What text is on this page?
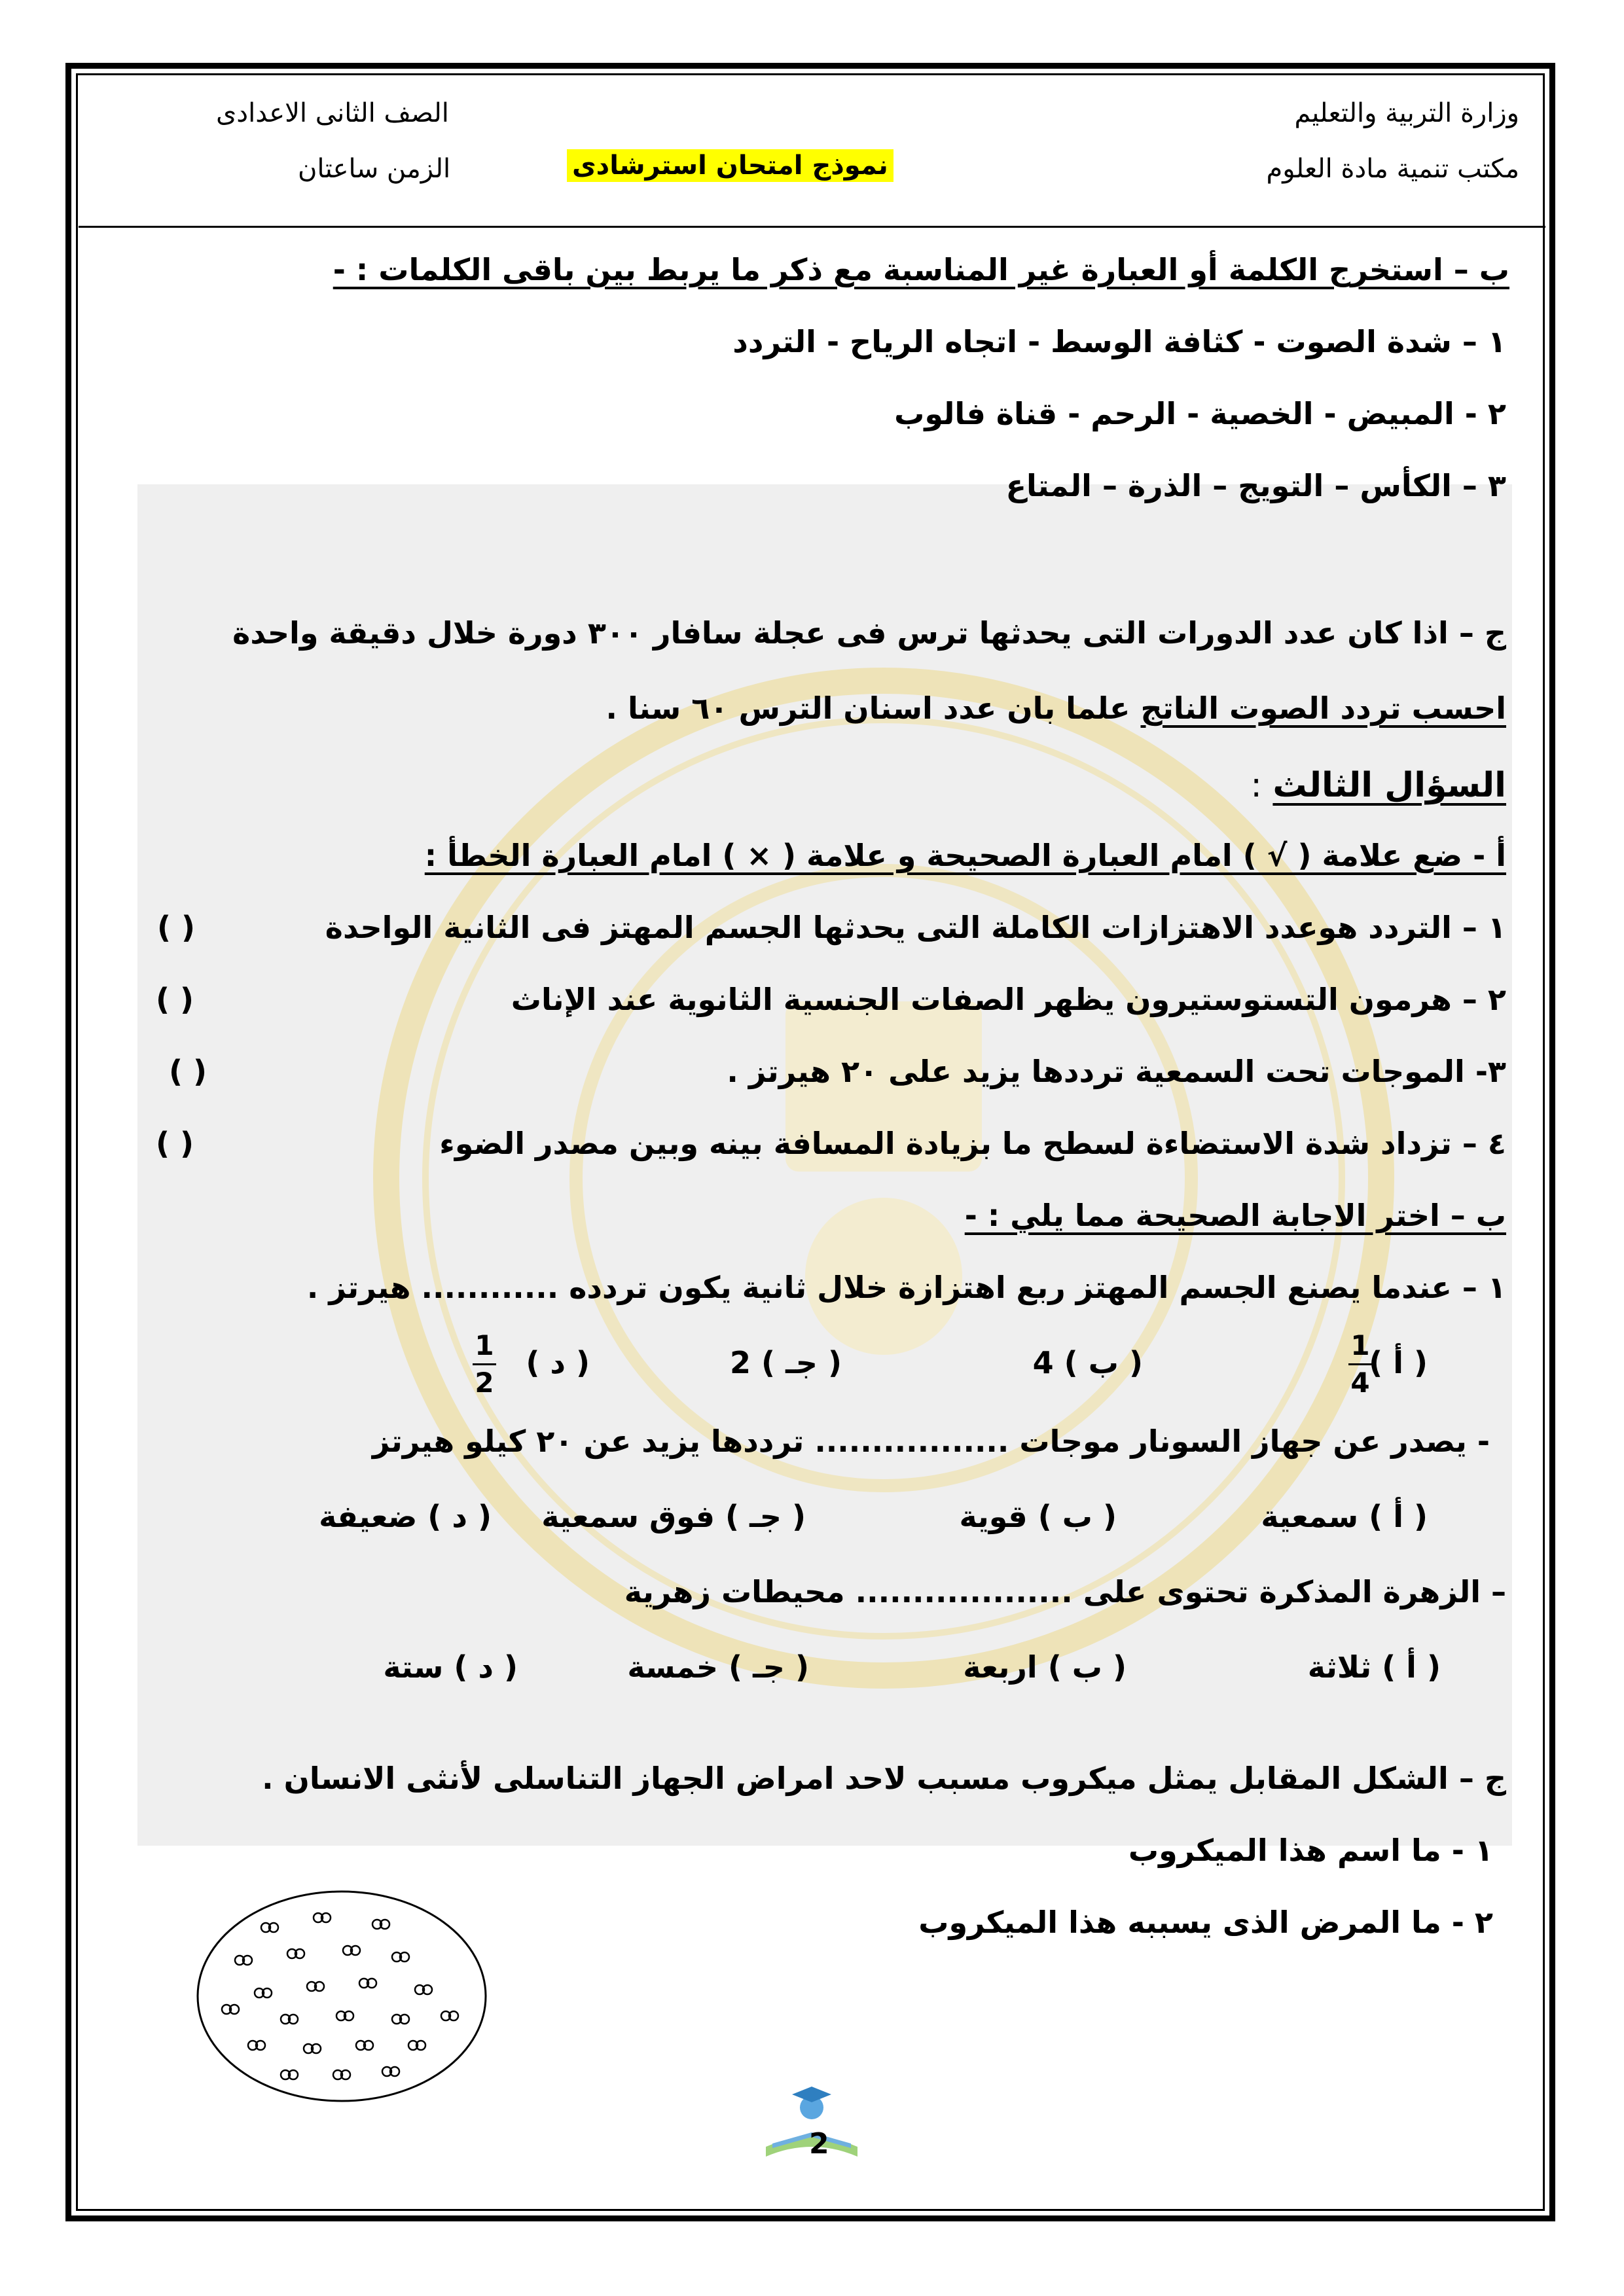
وزارة التربية والتعليم
مكتب تنمية مادة العلوم
الصف الثانى الاعدادى
الزمن ساعتان	نموذج امتحان استرشادى
ب – استخرج الكلمة أو العبارة غير المناسبة مع ذكر ما يربط بين باقى الكلمات : -
١ – شدة الصوت - كثافة الوسط - اتجاه الرياح - التردد
٢ - المبيض - الخصية - الرحم - قناة فالوب
٣ – الكأس – التويج – الذرة – المتاع
ج – اذا كان عدد الدورات التى يحدثها ترس فى عجلة سافار ٣٠٠ دورة خلال دقيقة واحدة
احسب تردد الصوت الناتج علما بان عدد اسنان الترس ٦٠ سنا .
السؤال الثالث :
أ - ضع علامة ( √ ) امام العبارة الصحيحة و علامة ( × ) امام العبارة الخطأ :
١ – التردد هوعدد الاهتزازات الكاملة التى يحدثها الجسم المهتز فى الثانية الواحدة
( )
٢ – هرمون التستوستيرون يظهر الصفات الجنسية الثانوية عند الإناث
( )
٣- الموجات تحت السمعية ترددها يزيد على ٢٠ هيرتز .
( )
٤ – تزداد شدة الاستضاءة لسطح ما بزيادة المسافة بينه وبين مصدر الضوء
( )
ب – اختر الاجابة الصحيحة مما يلي : -
١ – عندما يصنع الجسم المهتز ربع اهتزازة خلال ثانية يكون تردده ............ هيرتز .
( أ )
1
4
( ب ) 4
( جـ ) 2
( د )
1
2
- يصدر عن جهاز السونار موجات ................. ترددها يزيد عن ٢٠ كيلو هيرتز
( أ ) سمعية
( ب ) قوية
( جـ ) فوق سمعية
( د ) ضعيفة
– الزهرة المذكرة تحتوى على ................... محيطات زهرية
( أ ) ثلاثة
( ب ) اربعة
( جـ ) خمسة
( د ) ستة
ج – الشكل المقابل يمثل ميكروب مسبب لاحد امراض الجهاز التناسلى لأنثى الانسان .
١ - ما اسم هذا الميكروب
٢ - ما المرض الذى يسببه هذا الميكروب
2
